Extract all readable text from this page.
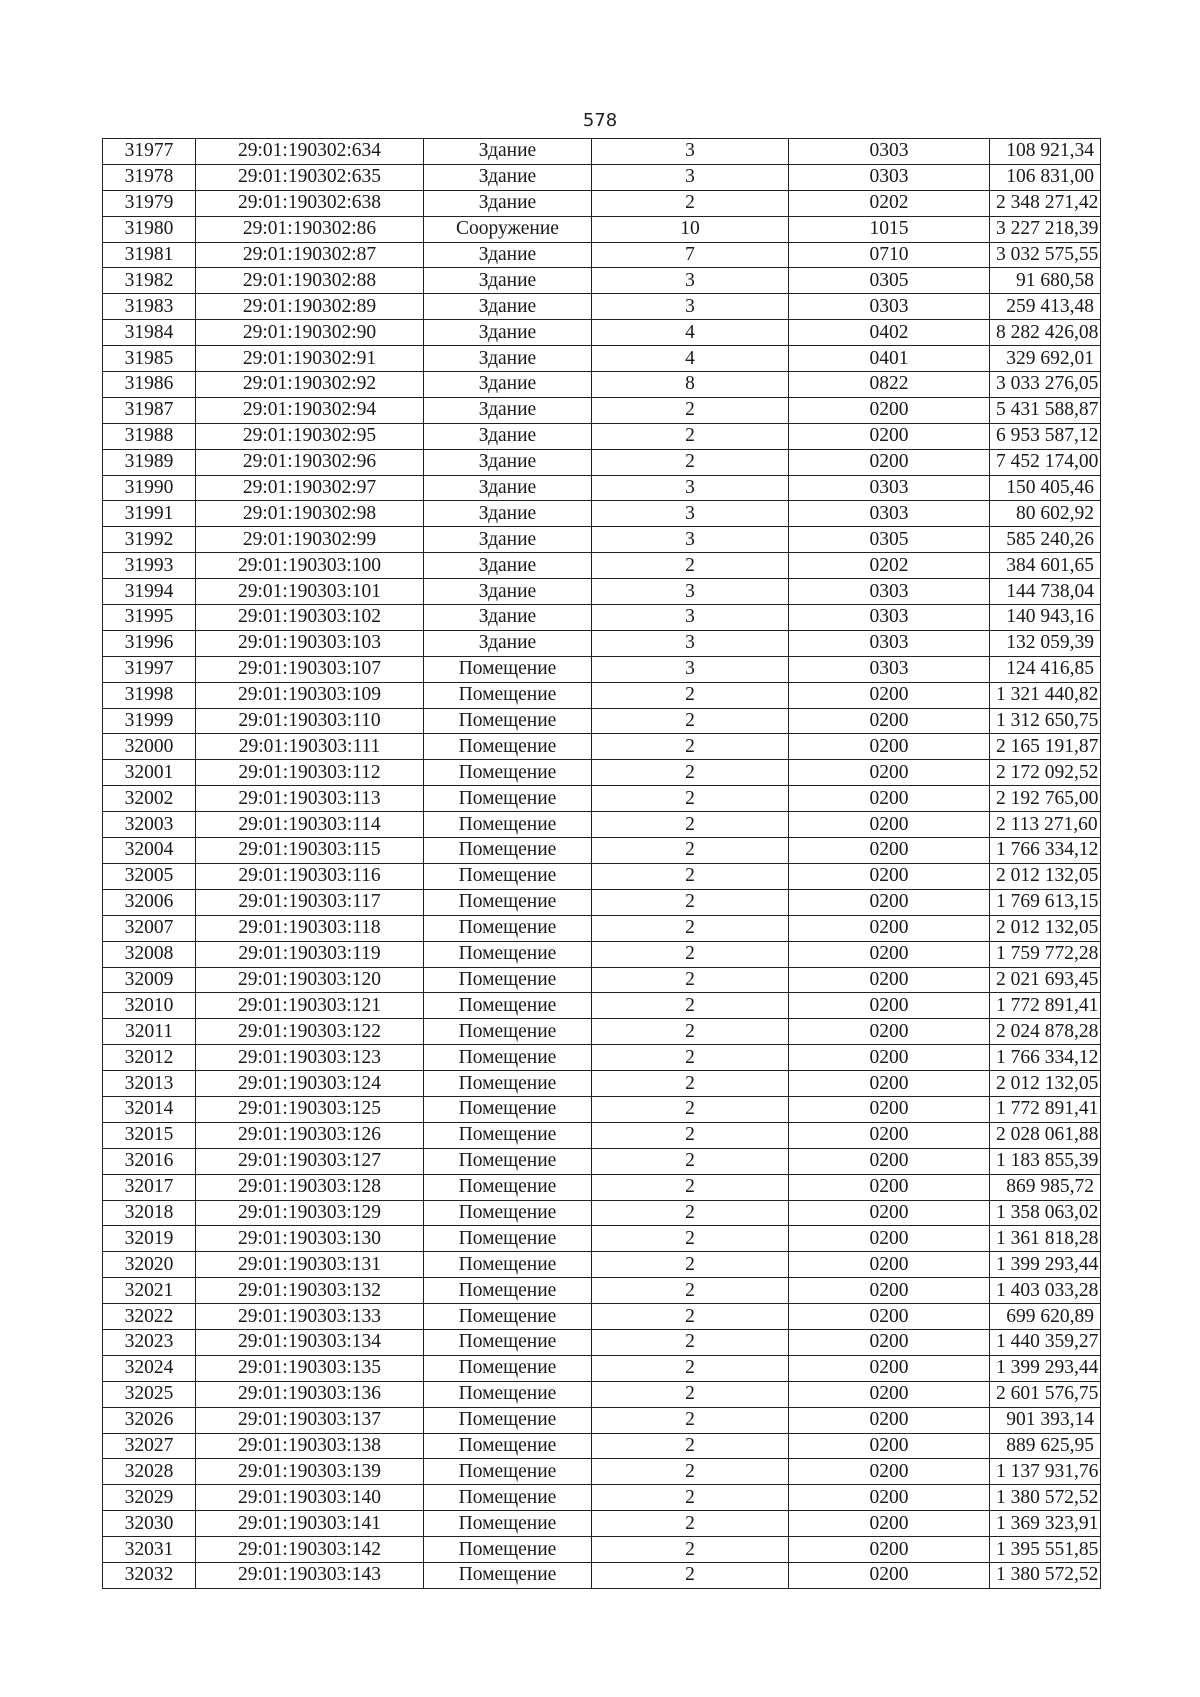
578
31977	29:01:190302:634	Здание	3	0303	108 921,34
31978	29:01:190302:635	Здание	3	0303	106 831,00
31979	29:01:190302:638	Здание	2	0202	2 348 271,42
31980	29:01:190302:86	Сооружение	10	1015	3 227 218,39
31981	29:01:190302:87	Здание	7	0710	3 032 575,55
31982	29:01:190302:88	Здание	3	0305	91 680,58
31983	29:01:190302:89	Здание	3	0303	259 413,48
31984	29:01:190302:90	Здание	4	0402	8 282 426,08
31985	29:01:190302:91	Здание	4	0401	329 692,01
31986	29:01:190302:92	Здание	8	0822	3 033 276,05
31987	29:01:190302:94	Здание	2	0200	5 431 588,87
31988	29:01:190302:95	Здание	2	0200	6 953 587,12
31989	29:01:190302:96	Здание	2	0200	7 452 174,00
31990	29:01:190302:97	Здание	3	0303	150 405,46
31991	29:01:190302:98	Здание	3	0303	80 602,92
31992	29:01:190302:99	Здание	3	0305	585 240,26
31993	29:01:190303:100	Здание	2	0202	384 601,65
31994	29:01:190303:101	Здание	3	0303	144 738,04
31995	29:01:190303:102	Здание	3	0303	140 943,16
31996	29:01:190303:103	Здание	3	0303	132 059,39
31997	29:01:190303:107	Помещение	3	0303	124 416,85
31998	29:01:190303:109	Помещение	2	0200	1 321 440,82
31999	29:01:190303:110	Помещение	2	0200	1 312 650,75
32000	29:01:190303:111	Помещение	2	0200	2 165 191,87
32001	29:01:190303:112	Помещение	2	0200	2 172 092,52
32002	29:01:190303:113	Помещение	2	0200	2 192 765,00
32003	29:01:190303:114	Помещение	2	0200	2 113 271,60
32004	29:01:190303:115	Помещение	2	0200	1 766 334,12
32005	29:01:190303:116	Помещение	2	0200	2 012 132,05
32006	29:01:190303:117	Помещение	2	0200	1 769 613,15
32007	29:01:190303:118	Помещение	2	0200	2 012 132,05
32008	29:01:190303:119	Помещение	2	0200	1 759 772,28
32009	29:01:190303:120	Помещение	2	0200	2 021 693,45
32010	29:01:190303:121	Помещение	2	0200	1 772 891,41
32011	29:01:190303:122	Помещение	2	0200	2 024 878,28
32012	29:01:190303:123	Помещение	2	0200	1 766 334,12
32013	29:01:190303:124	Помещение	2	0200	2 012 132,05
32014	29:01:190303:125	Помещение	2	0200	1 772 891,41
32015	29:01:190303:126	Помещение	2	0200	2 028 061,88
32016	29:01:190303:127	Помещение	2	0200	1 183 855,39
32017	29:01:190303:128	Помещение	2	0200	869 985,72
32018	29:01:190303:129	Помещение	2	0200	1 358 063,02
32019	29:01:190303:130	Помещение	2	0200	1 361 818,28
32020	29:01:190303:131	Помещение	2	0200	1 399 293,44
32021	29:01:190303:132	Помещение	2	0200	1 403 033,28
32022	29:01:190303:133	Помещение	2	0200	699 620,89
32023	29:01:190303:134	Помещение	2	0200	1 440 359,27
32024	29:01:190303:135	Помещение	2	0200	1 399 293,44
32025	29:01:190303:136	Помещение	2	0200	2 601 576,75
32026	29:01:190303:137	Помещение	2	0200	901 393,14
32027	29:01:190303:138	Помещение	2	0200	889 625,95
32028	29:01:190303:139	Помещение	2	0200	1 137 931,76
32029	29:01:190303:140	Помещение	2	0200	1 380 572,52
32030	29:01:190303:141	Помещение	2	0200	1 369 323,91
32031	29:01:190303:142	Помещение	2	0200	1 395 551,85
32032	29:01:190303:143	Помещение	2	0200	1 380 572,52
